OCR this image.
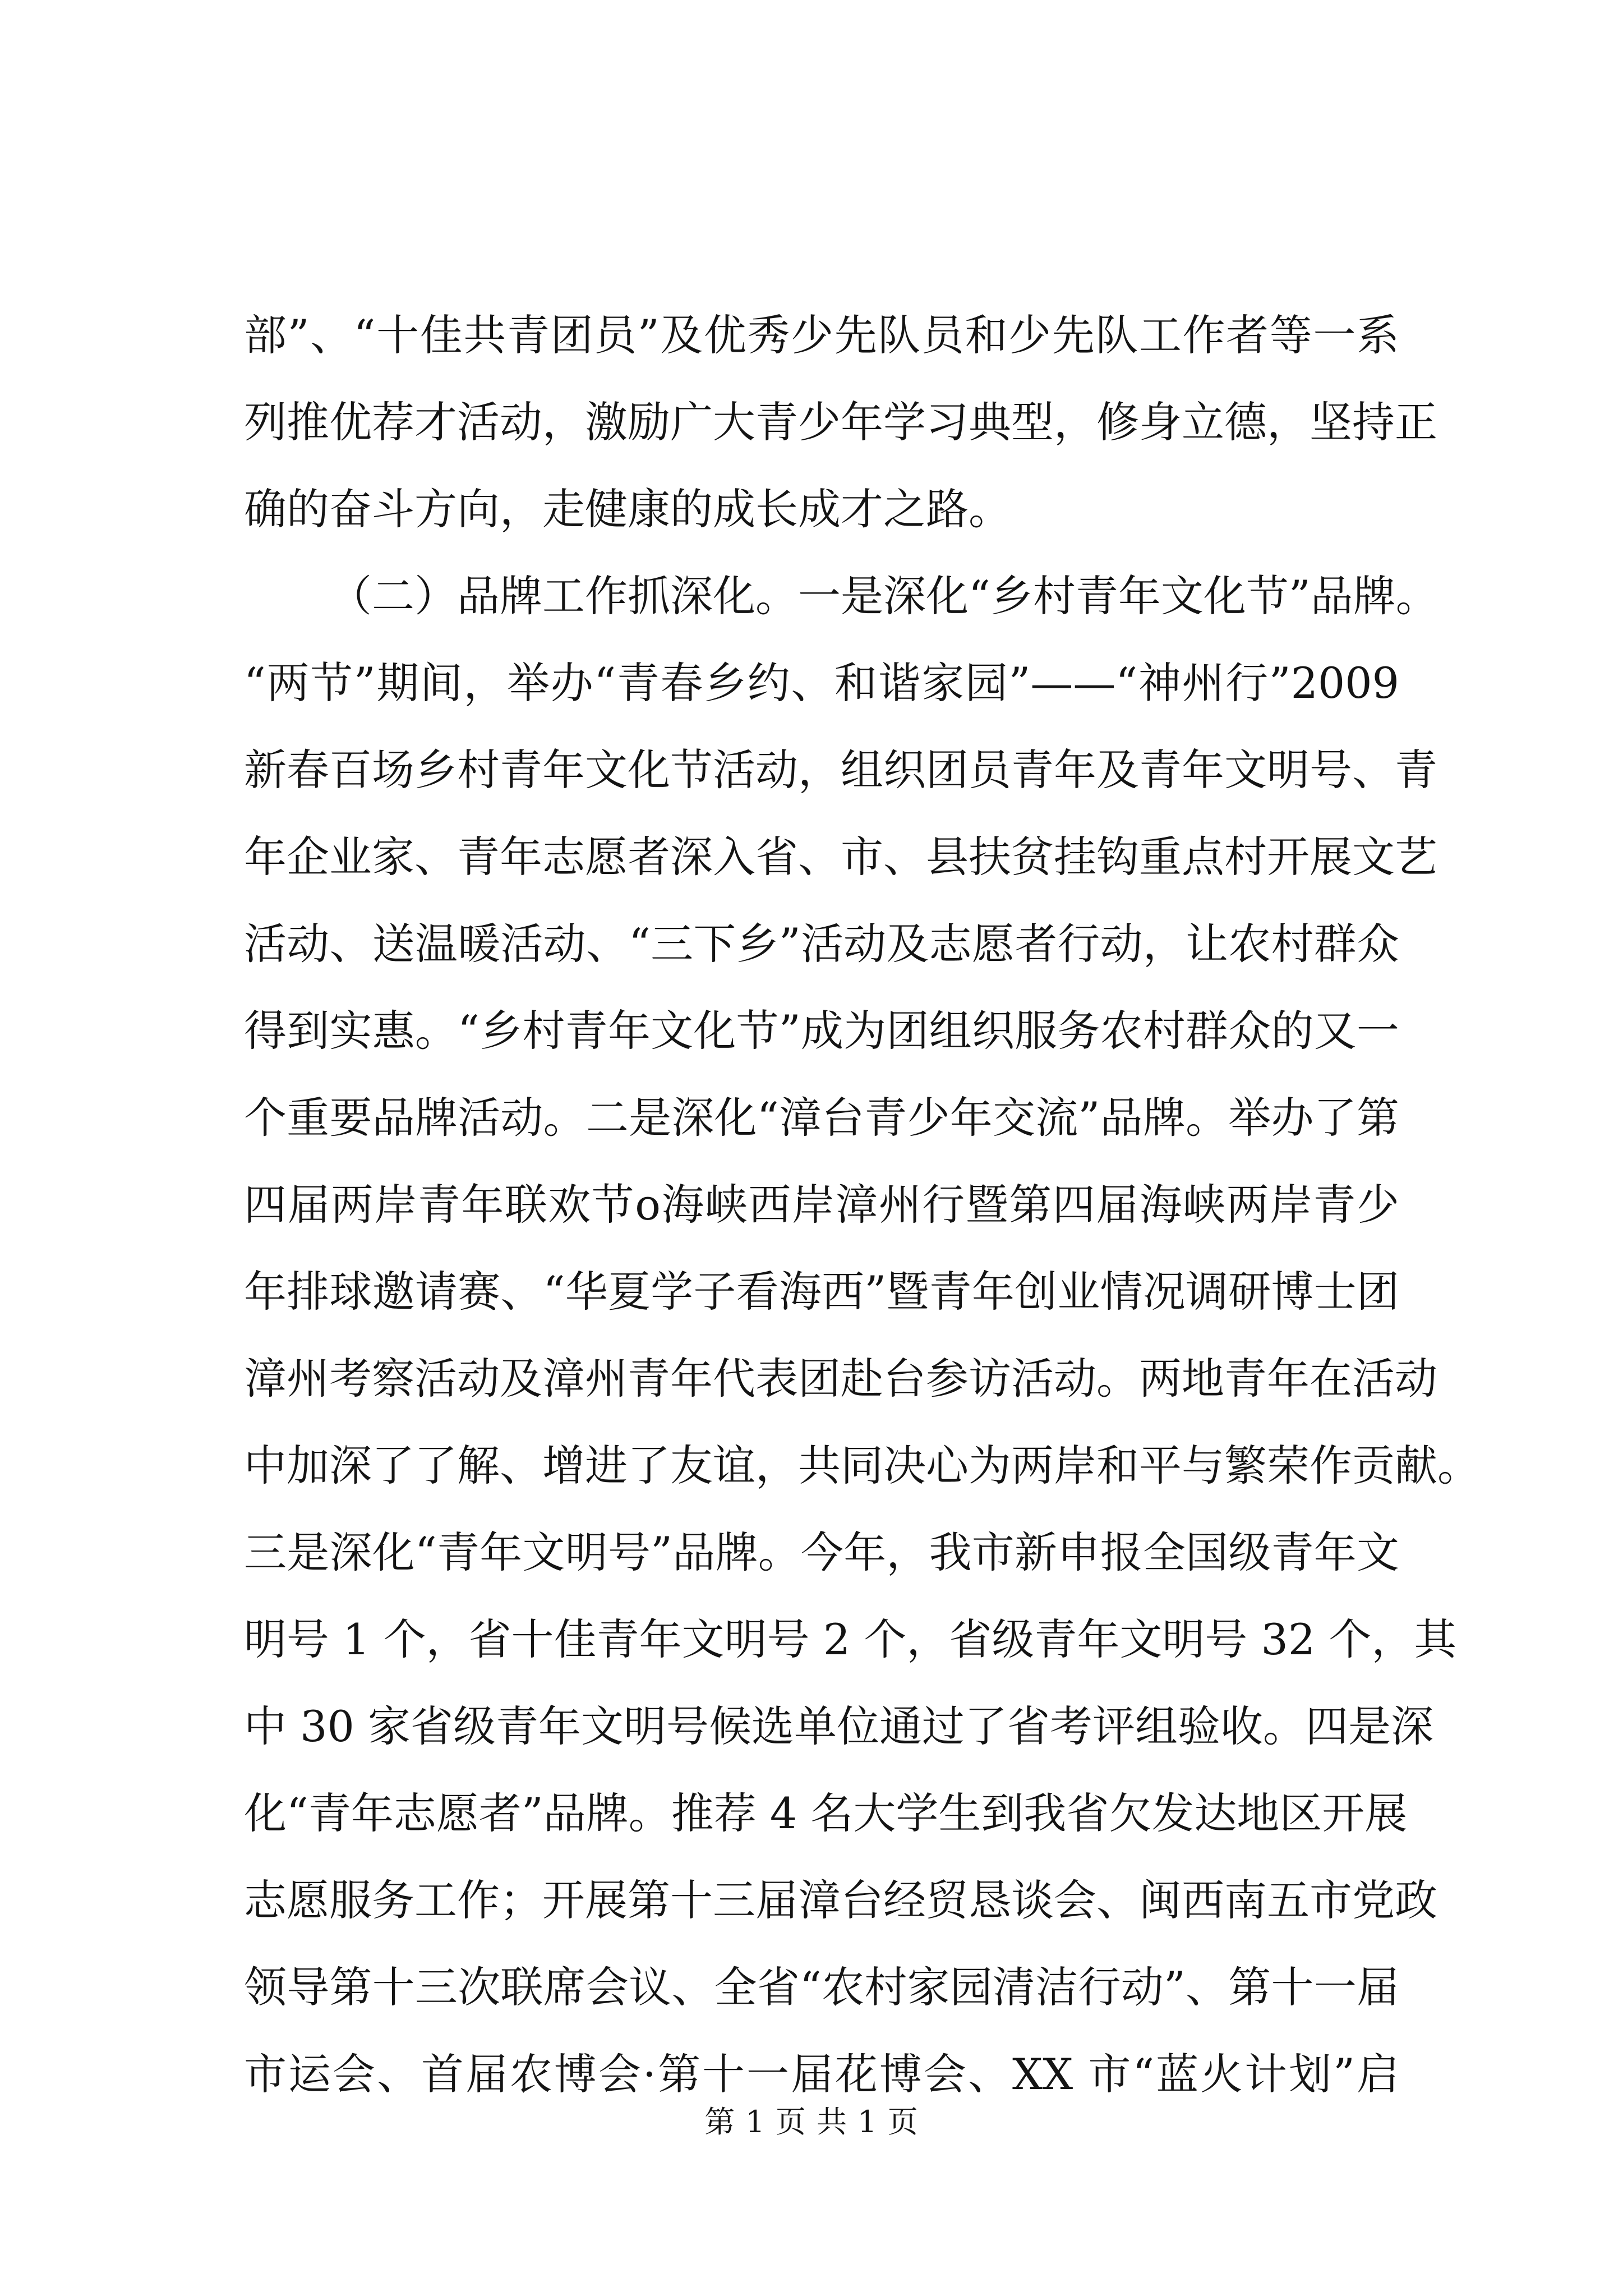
部”、“十佳共青团员”及优秀少先队员和少先队工作者等一系
列推优荐才活动，激励广大青少年学习典型，修身立德，坚持正
确的奋斗方向，走健康的成长成才之路。
（二）品牌工作抓深化。一是深化“乡村青年文化节”品牌。
“两节”期间，举办“青春乡约、和谐家园”——“神州行”2009
新春百场乡村青年文化节活动，组织团员青年及青年文明号、青
年企业家、青年志愿者深入省、市、县扶贫挂钩重点村开展文艺
活动、送温暖活动、“三下乡”活动及志愿者行动，让农村群众
得到实惠。“乡村青年文化节”成为团组织服务农村群众的又一
个重要品牌活动。二是深化“漳台青少年交流”品牌。举办了第
四届两岸青年联欢节o海峡西岸漳州行暨第四届海峡两岸青少
年排球邀请赛、“华夏学子看海西”暨青年创业情况调研博士团
漳州考察活动及漳州青年代表团赴台参访活动。两地青年在活动
中加深了了解、增进了友谊，共同决心为两岸和平与繁荣作贡献。
三是深化“青年文明号”品牌。今年，我市新申报全国级青年文
明号 1 个，省十佳青年文明号 2 个，省级青年文明号 32 个，其
中 30 家省级青年文明号候选单位通过了省考评组验收。四是深
化“青年志愿者”品牌。推荐 4 名大学生到我省欠发达地区开展
志愿服务工作；开展第十三届漳台经贸恳谈会、闽西南五市党政
领导第十三次联席会议、全省“农村家园清洁行动”、第十一届
市运会、首届农博会·第十一届花博会、XX 市“蓝火计划”启
第 1 页 共 1 页
